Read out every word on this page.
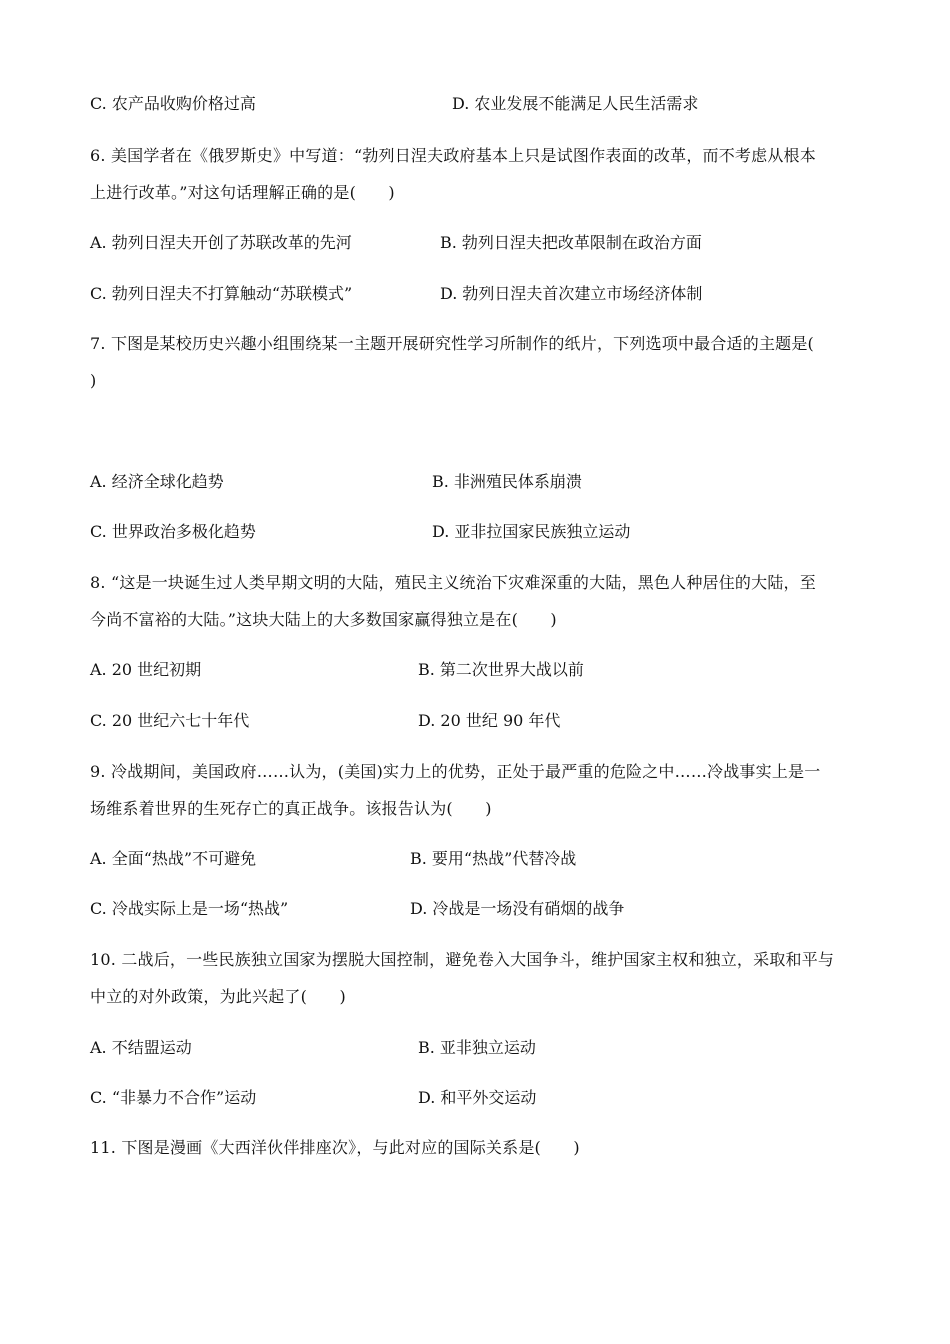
C. 农产品收购价格过高	D. 农业发展不能满足人民生活需求
6. 美国学者在《俄罗斯史》中写道：“勃列日涅夫政府基本上只是试图作表面的改革，而不考虑从根本
上进行改革。”对这句话理解正确的是(　　)
A. 勃列日涅夫开创了苏联改革的先河	B. 勃列日涅夫把改革限制在政治方面
C. 勃列日涅夫不打算触动“苏联模式”	D. 勃列日涅夫首次建立市场经济体制
7. 下图是某校历史兴趣小组围绕某一主题开展研究性学习所制作的纸片，下列选项中最合适的主题是(
)
A. 经济全球化趋势	B. 非洲殖民体系崩溃
C. 世界政治多极化趋势	D. 亚非拉国家民族独立运动
8. “这是一块诞生过人类早期文明的大陆，殖民主义统治下灾难深重的大陆，黑色人种居住的大陆，至
今尚不富裕的大陆。”这块大陆上的大多数国家赢得独立是在(　　)
A. 20 世纪初期	B. 第二次世界大战以前
C. 20 世纪六七十年代	D. 20 世纪 90 年代
9. 冷战期间，美国政府……认为，(美国)实力上的优势，正处于最严重的危险之中……冷战事实上是一
场维系着世界的生死存亡的真正战争。该报告认为(　　)
A. 全面“热战”不可避免	B. 要用“热战”代替冷战
C. 冷战实际上是一场“热战”	D. 冷战是一场没有硝烟的战争
10. 二战后，一些民族独立国家为摆脱大国控制，避免卷入大国争斗，维护国家主权和独立，采取和平与
中立的对外政策，为此兴起了(　　)
A. 不结盟运动	B. 亚非独立运动
C. “非暴力不合作”运动	D. 和平外交运动
11. 下图是漫画《大西洋伙伴排座次》，与此对应的国际关系是(　　)
